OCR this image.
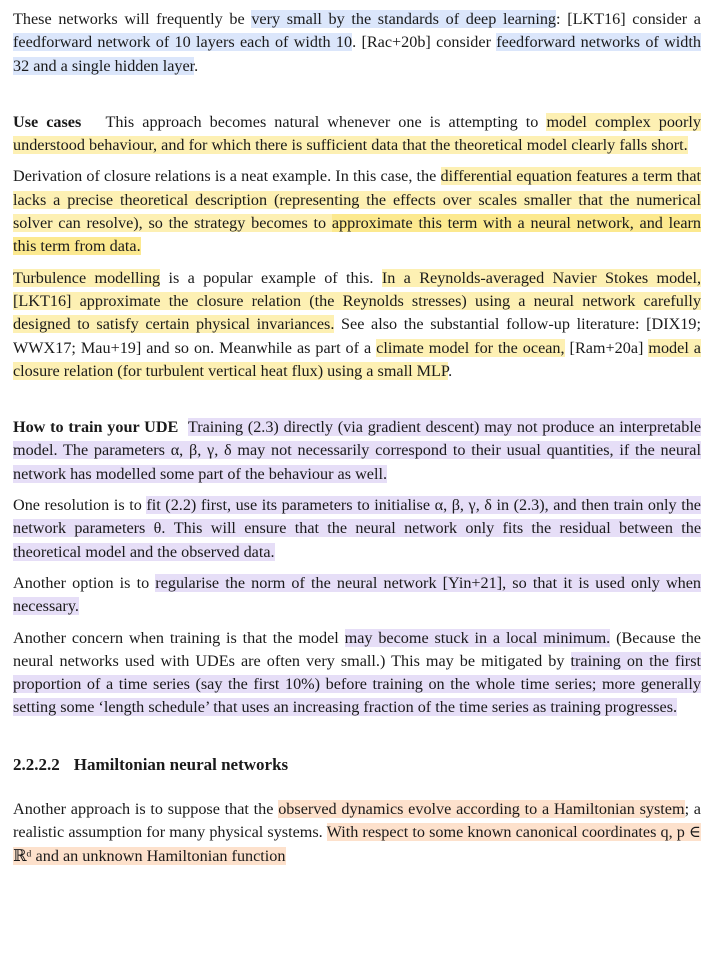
These networks will frequently be very small by the standards of deep learning: [LKT16] consider a feedforward network of 10 layers each of width 10. [Rac+20b] consider feedforward networks of width 32 and a single hidden layer.

Use cases This approach becomes natural whenever one is attempting to model complex poorly understood behaviour, and for which there is sufficient data that the theoretical model clearly falls short.

Derivation of closure relations is a neat example. In this case, the differential equation features a term that lacks a precise theoretical description (representing the effects over scales smaller that the numerical solver can resolve), so the strategy becomes to approximate this term with a neural network, and learn this term from data.

Turbulence modelling is a popular example of this. In a Reynolds-averaged Navier Stokes model, [LKT16] approximate the closure relation (the Reynolds stresses) using a neural network carefully designed to satisfy certain physical invariances. See also the substantial follow-up literature: [DIX19; WWX17; Mau+19] and so on. Meanwhile as part of a climate model for the ocean, [Ram+20a] model a closure relation (for turbulent vertical heat flux) using a small MLP.

How to train your UDE Training (2.3) directly (via gradient descent) may not produce an interpretable model. The parameters α, β, γ, δ may not necessarily correspond to their usual quantities, if the neural network has modelled some part of the behaviour as well.

One resolution is to fit (2.2) first, use its parameters to initialise α, β, γ, δ in (2.3), and then train only the network parameters θ. This will ensure that the neural network only fits the residual between the theoretical model and the observed data.

Another option is to regularise the norm of the neural network [Yin+21], so that it is used only when necessary.

Another concern when training is that the model may become stuck in a local minimum. (Because the neural networks used with UDEs are often very small.) This may be mitigated by training on the first proportion of a time series (say the first 10%) before training on the whole time series; more generally setting some ‘length schedule’ that uses an increasing fraction of the time series as training progresses.

2.2.2.2 Hamiltonian neural networks

Another approach is to suppose that the observed dynamics evolve according to a Hamiltonian system; a realistic assumption for many physical systems. With respect to some known canonical coordinates q, p ∈ ℝᵈ and an unknown Hamiltonian function
